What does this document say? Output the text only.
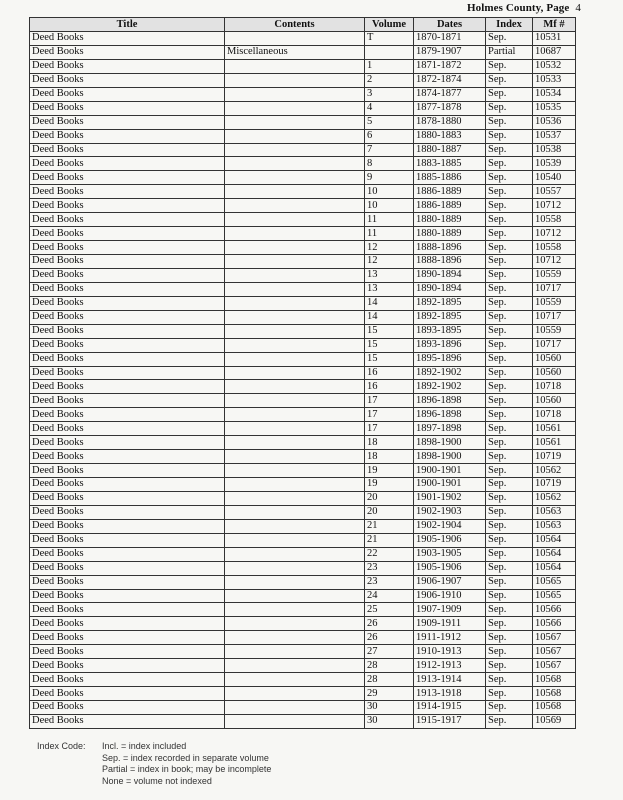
Holmes County, Page 4
Title	Contents	Volume	Dates	Index	Mf #
Deed Books		T	1870-1871	Sep.	10531
Deed Books	Miscellaneous		1879-1907	Partial	10687
Deed Books		1	1871-1872	Sep.	10532
Deed Books		2	1872-1874	Sep.	10533
Deed Books		3	1874-1877	Sep.	10534
Deed Books		4	1877-1878	Sep.	10535
Deed Books		5	1878-1880	Sep.	10536
Deed Books		6	1880-1883	Sep.	10537
Deed Books		7	1880-1887	Sep.	10538
Deed Books		8	1883-1885	Sep.	10539
Deed Books		9	1885-1886	Sep.	10540
Deed Books		10	1886-1889	Sep.	10557
Deed Books		10	1886-1889	Sep.	10712
Deed Books		11	1880-1889	Sep.	10558
Deed Books		11	1880-1889	Sep.	10712
Deed Books		12	1888-1896	Sep.	10558
Deed Books		12	1888-1896	Sep.	10712
Deed Books		13	1890-1894	Sep.	10559
Deed Books		13	1890-1894	Sep.	10717
Deed Books		14	1892-1895	Sep.	10559
Deed Books		14	1892-1895	Sep.	10717
Deed Books		15	1893-1895	Sep.	10559
Deed Books		15	1893-1896	Sep.	10717
Deed Books		15	1895-1896	Sep.	10560
Deed Books		16	1892-1902	Sep.	10560
Deed Books		16	1892-1902	Sep.	10718
Deed Books		17	1896-1898	Sep.	10560
Deed Books		17	1896-1898	Sep.	10718
Deed Books		17	1897-1898	Sep.	10561
Deed Books		18	1898-1900	Sep.	10561
Deed Books		18	1898-1900	Sep.	10719
Deed Books		19	1900-1901	Sep.	10562
Deed Books		19	1900-1901	Sep.	10719
Deed Books		20	1901-1902	Sep.	10562
Deed Books		20	1902-1903	Sep.	10563
Deed Books		21	1902-1904	Sep.	10563
Deed Books		21	1905-1906	Sep.	10564
Deed Books		22	1903-1905	Sep.	10564
Deed Books		23	1905-1906	Sep.	10564
Deed Books		23	1906-1907	Sep.	10565
Deed Books		24	1906-1910	Sep.	10565
Deed Books		25	1907-1909	Sep.	10566
Deed Books		26	1909-1911	Sep.	10566
Deed Books		26	1911-1912	Sep.	10567
Deed Books		27	1910-1913	Sep.	10567
Deed Books		28	1912-1913	Sep.	10567
Deed Books		28	1913-1914	Sep.	10568
Deed Books		29	1913-1918	Sep.	10568
Deed Books		30	1914-1915	Sep.	10568
Deed Books		30	1915-1917	Sep.	10569
Index Code: Incl. = index included
Sep. = index recorded in separate volume
Partial = index in book; may be incomplete
None = volume not indexed
